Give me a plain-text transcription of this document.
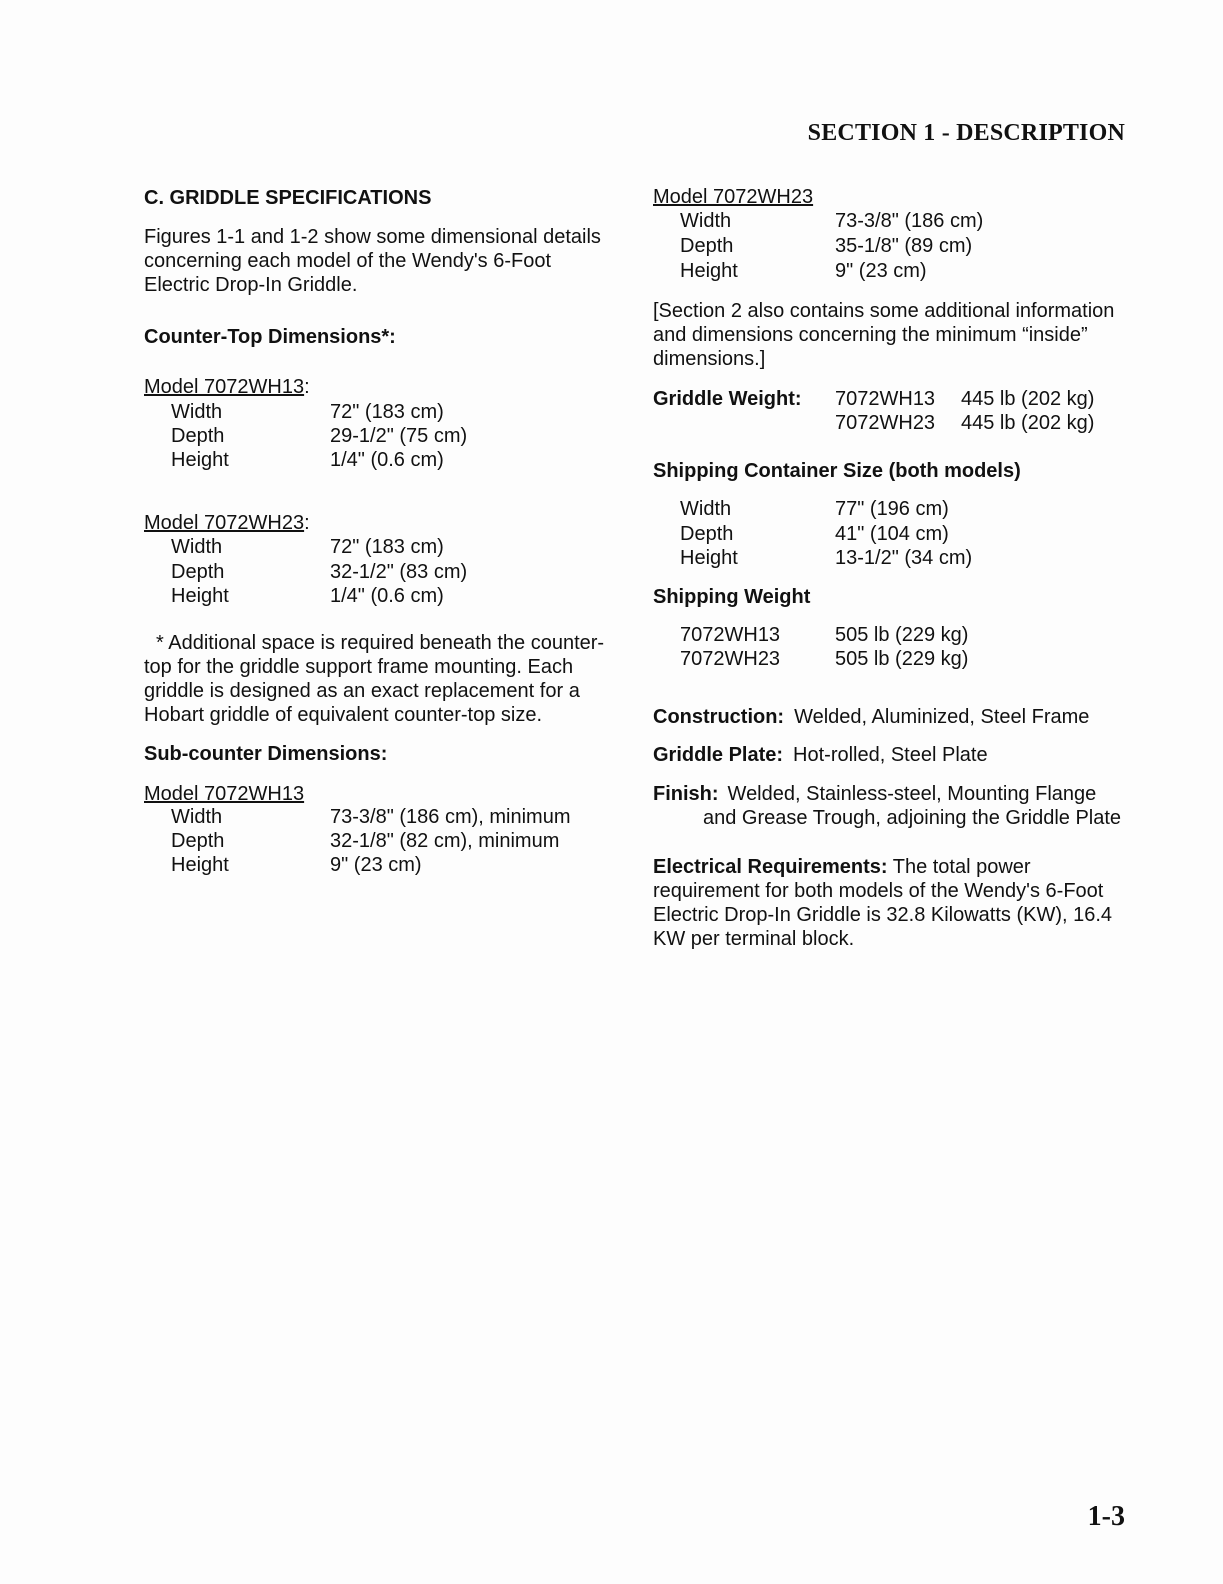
SECTION 1 - DESCRIPTION
C. GRIDDLE SPECIFICATIONS
Figures 1-1 and 1-2 show some dimensional details concerning each model of the Wendy's 6-Foot Electric Drop-In Griddle.
Counter-Top Dimensions*:
Model 7072WH13:
Width	72" (183 cm)
Depth	29-1/2" (75 cm)
Height	1/4" (0.6 cm)
Model 7072WH23:
Width	72" (183 cm)
Depth	32-1/2" (83 cm)
Height	1/4" (0.6 cm)
* Additional space is required beneath the counter-top for the griddle support frame mounting. Each griddle is designed as an exact replacement for a Hobart griddle of equivalent counter-top size.
Sub-counter Dimensions:
Model 7072WH13
Width	73-3/8" (186 cm), minimum
Depth	32-1/8" (82 cm), minimum
Height	9" (23 cm)
Model 7072WH23
Width	73-3/8" (186 cm)
Depth	35-1/8" (89 cm)
Height	9" (23 cm)
[Section 2 also contains some additional information and dimensions concerning the minimum “inside” dimensions.]
Griddle Weight: 7072WH13 445 lb (202 kg)
7072WH23 445 lb (202 kg)
Shipping Container Size (both models)
Width	77" (196 cm)
Depth	41" (104 cm)
Height	13-1/2" (34 cm)
Shipping Weight
7072WH13	505 lb (229 kg)
7072WH23	505 lb (229 kg)
Construction: Welded, Aluminized, Steel Frame
Griddle Plate: Hot-rolled, Steel Plate
Finish: Welded, Stainless-steel, Mounting Flange
and Grease Trough, adjoining the Griddle Plate
Electrical Requirements: The total power requirement for both models of the Wendy's 6-Foot Electric Drop-In Griddle is 32.8 Kilowatts (KW), 16.4 KW per terminal block.
1-3
